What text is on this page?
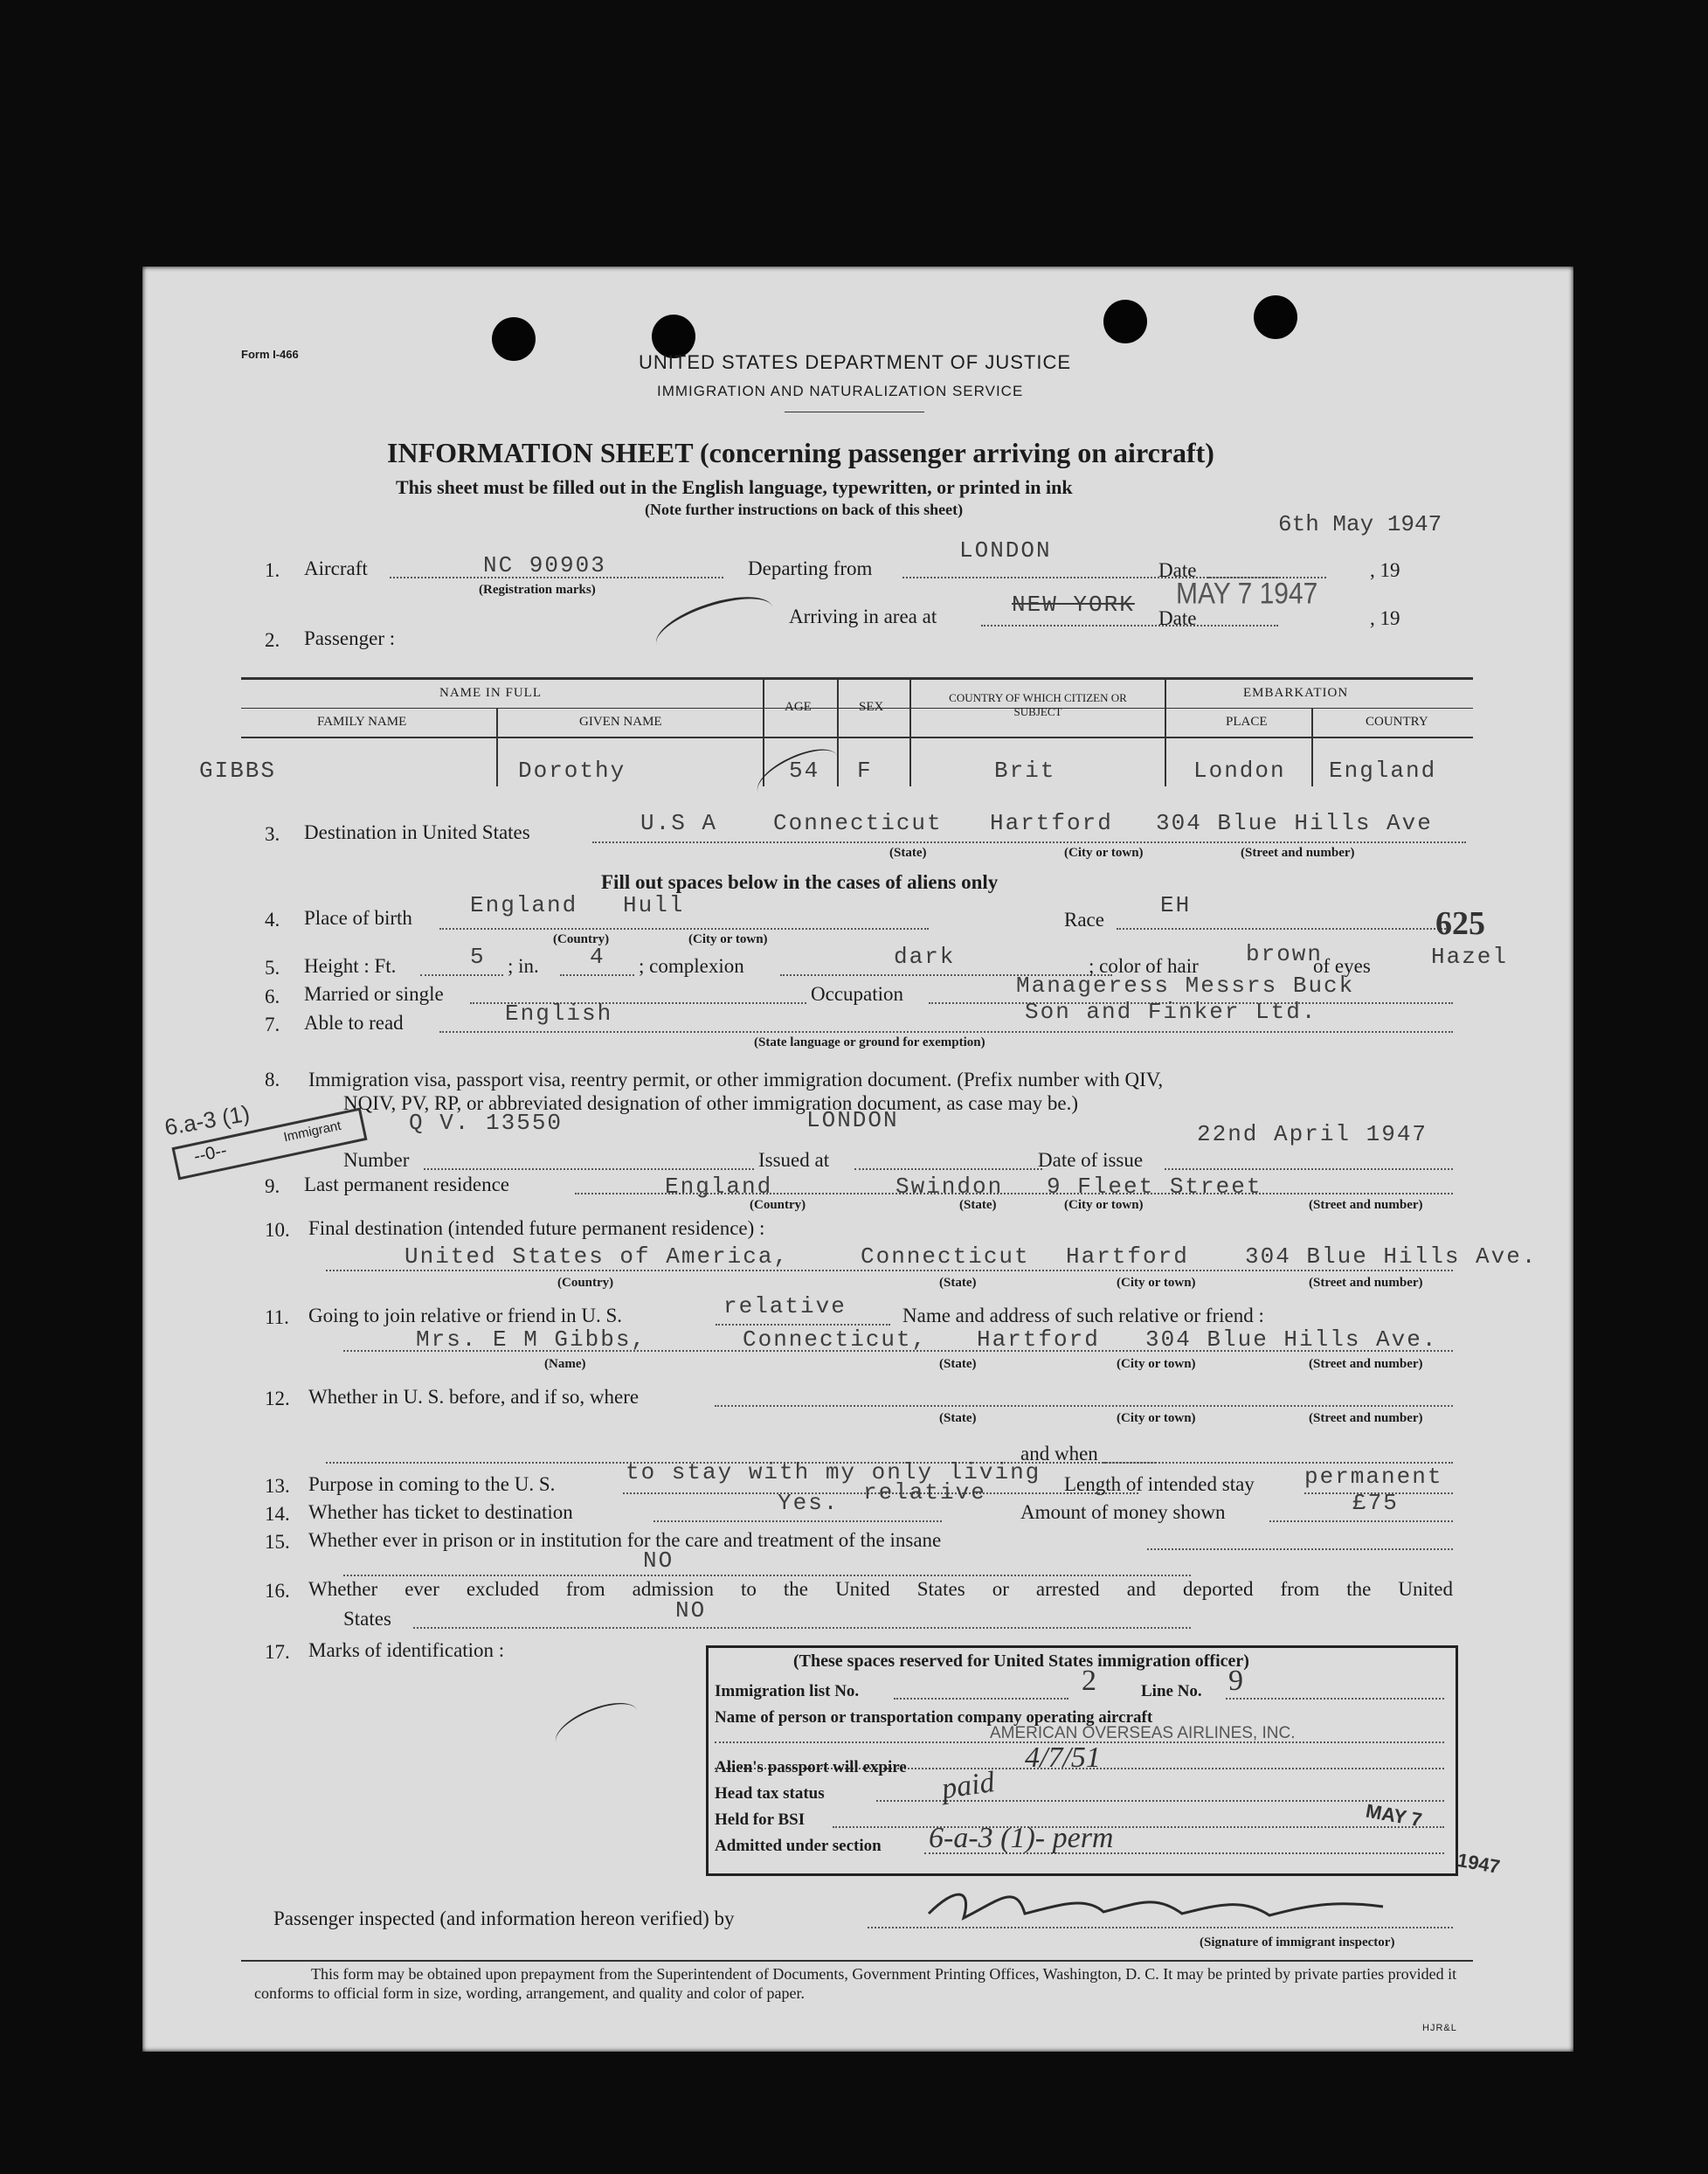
Form I-466	UNITED STATES DEPARTMENT OF JUSTICE
IMMIGRATION AND NATURALIZATION SERVICE
INFORMATION SHEET (concerning passenger arriving on aircraft)
This sheet must be filled out in the English language, typewritten, or printed in ink
(Note further instructions on back of this sheet)
6th May 1947
1. Aircraft	NC 90903
(Registration marks)
Departing from
LONDON
Date	, 19
Arriving in area at	NEW YORK
Date
MAY 7 1947
, 19
2. Passenger :
NAME IN FULL
FAMILY NAME	GIVEN NAME
AGE	SEX
COUNTRY OF WHICH CITIZEN OR SUBJECT
EMBARKATION
PLACE	COUNTRY
GIBBS	Dorothy	54 F	Brit	London England
3. Destination in United States	U.S A Connecticut Hartford 304 Blue Hills Ave
(State)	(City or town)	(Street and number)
Fill out spaces below in the cases of aliens only
4. Place of birth	England Hull
(Country)	(City or town)
Race
EH	625
5. Height : Ft.	5 ; in. 4 ; complexion	dark	; color of hair brown
of eyes	Hazel
6. Married or single	Occupation	Manageress Messrs Buck
7. Able to read	English	Son and Finker Ltd.
(State language or ground for exemption)
8. Immigration visa, passport visa, reentry permit, or other immigration document. (Prefix number with QIV,
NQIV, PV, RP, or abbreviated designation of other immigration document, as case may be.)
Q V. 13550	LONDON
22nd April 1947
6.a-3 (1)
--0--
Immigrant
Number	Issued at	Date of issue
9. Last permanent residence	England	Swindon 9 Fleet Street
(Country)	(State)	(City or town)	(Street and number)
10. Final destination (intended future permanent residence) :
United States of America,	Connecticut Hartford 304 Blue Hills Ave.
(Country)	(State)	(City or town)	(Street and number)
11. Going to join relative or friend in U. S.	relative	Name and address of such relative or friend :
Mrs. E M Gibbs,	Connecticut, Hartford 304 Blue Hills Ave.
(Name)	(State)	(City or town)	(Street and number)
12. Whether in U. S. before, and if so, where
(State)	(City or town)	(Street and number)
and when
13. Purpose in coming to the U. S.	to stay with my only living
relative	Length of intended stay permanent
14. Whether has ticket to destination	Yes.	Amount of money shown	£75
15. Whether ever in prison or in institution for the care and treatment of the insane
NO
16. Whether ever excluded from admission to the United States or arrested and deported from the United
States	NO
17. Marks of identification :	(These spaces reserved for United States immigration officer)
Immigration list No.	2	Line No. 9
Name of person or transportation company operating aircraft
AMERICAN OVERSEAS AIRLINES, INC.
Alien's passport will expire	4/7/51
Head tax status	paid
Held for BSI
Admitted under section 6-a-3 (1)- perm
MAY 7
1947
Passenger inspected (and information hereon verified) by
(Signature of immigrant inspector)
This form may be obtained upon prepayment from the Superintendent of Documents, Government Printing Offices, Washington, D. C. It may be printed by private parties provided it conforms to official form in size, wording, arrangement, and quality and color of paper.
HJR&L
